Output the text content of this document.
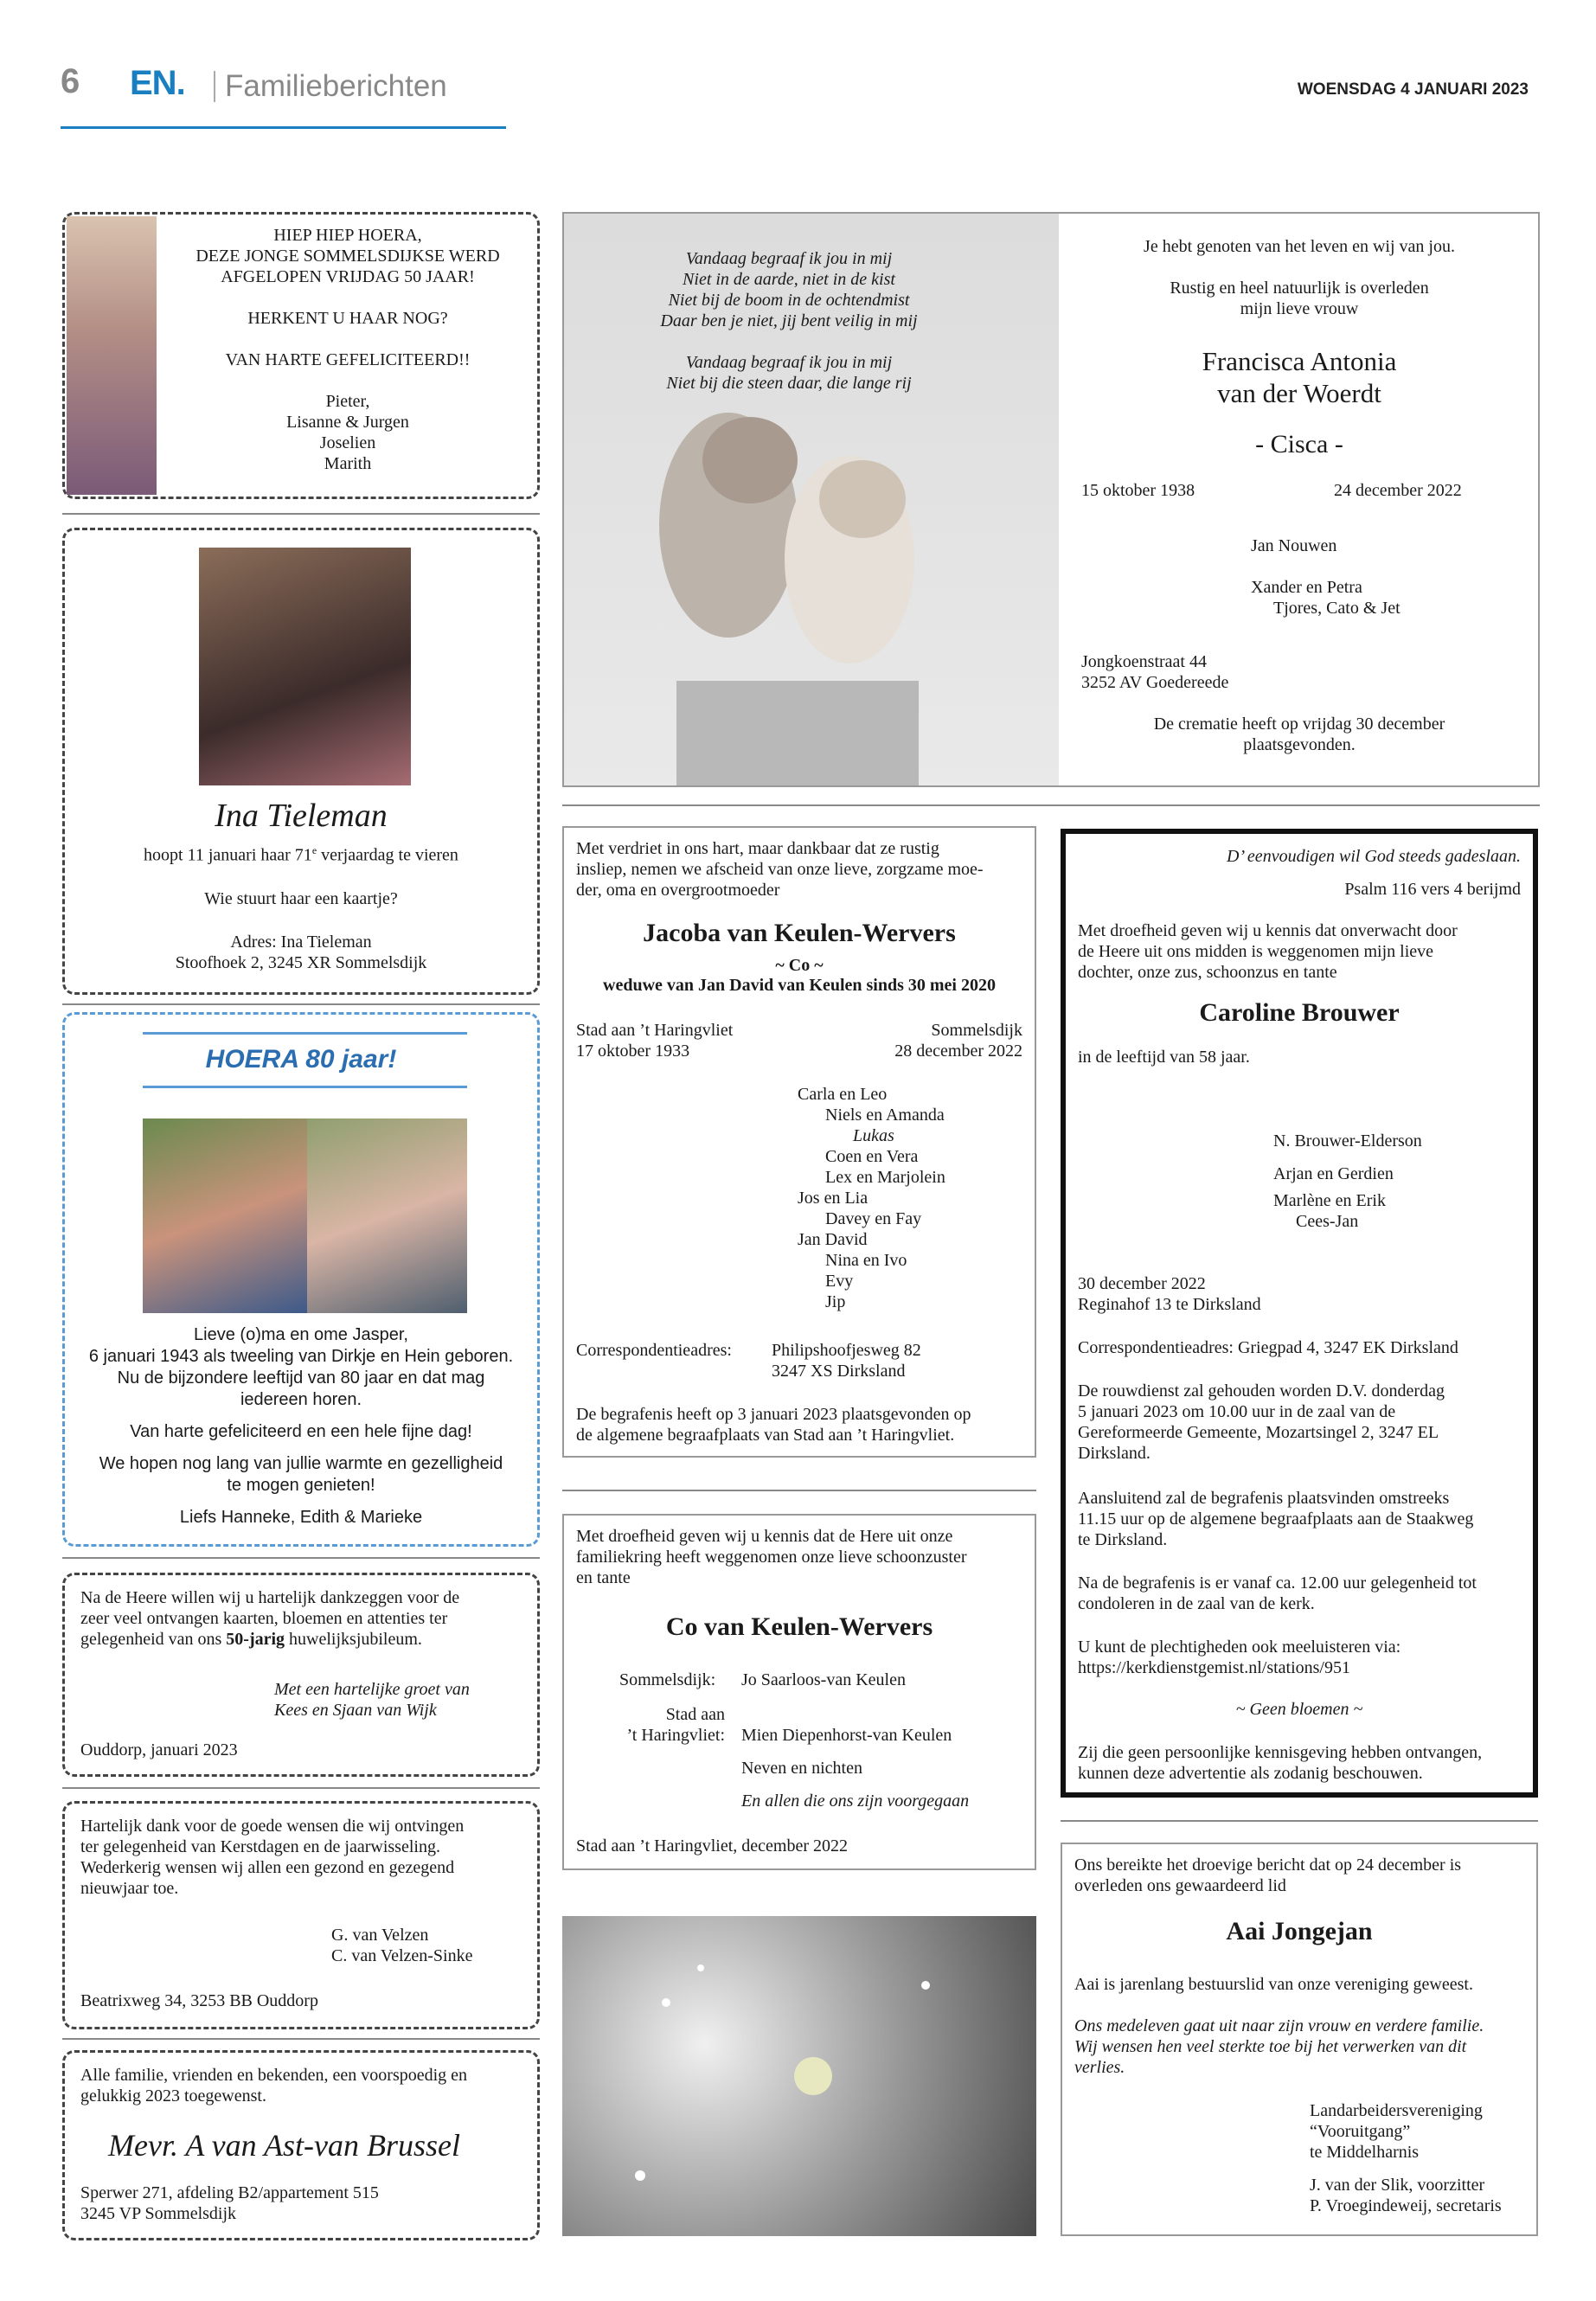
6 EN. Familieberichten	WOENSDAG 4 JANUARI 2023

HIEP HIEP HOERA,

DEZE JONGE SOMMELSDIJKSE WERD

AFGELOPEN VRIJDAG 50 JAAR!

HERKENT U HAAR NOG?

VAN HARTE GEFELICITEERD!!

Pieter,

Lisanne & Jurgen

Joselien

Marith

Ina Tieleman

hoopt 11 januari haar 71e verjaardag te vieren

Wie stuurt haar een kaartje?

Adres: Ina Tieleman

Stoofhoek 2, 3245 XR Sommelsdijk

HOERA 80 jaar!

Lieve (o)ma en ome Jasper,

6 januari 1943 als tweeling van Dirkje en Hein geboren.

Nu de bijzondere leeftijd van 80 jaar en dat mag

iedereen horen.

Van harte gefeliciteerd en een hele fijne dag!

We hopen nog lang van jullie warmte en gezelligheid

te mogen genieten!

Liefs Hanneke, Edith & Marieke

Na de Heere willen wij u hartelijk dankzeggen voor de

zeer veel ontvangen kaarten, bloemen en attenties ter

gelegenheid van ons 50-jarig huwelijksjubileum.

Met een hartelijke groet van

Kees en Sjaan van Wijk

Ouddorp, januari 2023

Hartelijk dank voor de goede wensen die wij ontvingen

ter gelegenheid van Kerstdagen en de jaarwisseling.

Wederkerig wensen wij allen een gezond en gezegend

nieuwjaar toe.

G. van Velzen

C. van Velzen-Sinke

Beatrixweg 34, 3253 BB Ouddorp

Alle familie, vrienden en bekenden, een voorspoedig en

gelukkig 2023 toegewenst.

Mevr. A van Ast-van Brussel

Sperwer 271, afdeling B2/appartement 515

3245 VP Sommelsdijk

Vandaag begraaf ik jou in mij

Niet in de aarde, niet in de kist

Niet bij de boom in de ochtendmist

Daar ben je niet, jij bent veilig in mij

Vandaag begraaf ik jou in mij

Niet bij die steen daar, die lange rij

Je hebt genoten van het leven en wij van jou.

Rustig en heel natuurlijk is overleden

mijn lieve vrouw

Francisca Antonia

van der Woerdt

- Cisca -
15 oktober 1938	24 december 2022
Jan Nouwen
Xander en Petra
Tjores, Cato & Jet

Jongkoenstraat 44

3252 AV Goedereede

De crematie heeft op vrijdag 30 december

plaatsgevonden.

Met verdriet in ons hart, maar dankbaar dat ze rustig

insliep, nemen we afscheid van onze lieve, zorgzame moe-

der, oma en overgrootmoeder

Jacoba van Keulen-Wervers
~ Co ~
weduwe van Jan David van Keulen sinds 30 mei 2020

Stad aan ’t Haringvliet

17 oktober 1933

Sommelsdijk

28 december 2022

Carla en Leo

Niels en Amanda

Lukas

Coen en Vera

Lex en Marjolein

Jos en Lia

Davey en Fay

Jan David

Nina en Ivo

Evy

Jip

Correspondentieadres: Philipshoofjesweg 82

3247 XS Dirksland

De begrafenis heeft op 3 januari 2023 plaatsgevonden op

de algemene begraafplaats van Stad aan ’t Haringvliet.

Met droefheid geven wij u kennis dat de Here uit onze

familiekring heeft weggenomen onze lieve schoonzuster

en tante

Co van Keulen-Wervers
Sommelsdijk: Jo Saarloos-van Keulen

Stad aan

’t Haringvliet: Mien Diepenhorst-van Keulen
Neven en nichten
En allen die ons zijn voorgegaan
Stad aan ’t Haringvliet, december 2022
D’ eenvoudigen wil God steeds gadeslaan.
Psalm 116 vers 4 berijmd

Met droefheid geven wij u kennis dat onverwacht door

de Heere uit ons midden is weggenomen mijn lieve

dochter, onze zus, schoonzus en tante

Caroline Brouwer
in de leeftijd van 58 jaar.

N. Brouwer-Elderson

Arjan en Gerdien

Marlène en Erik

Cees-Jan

30 december 2022

Reginahof 13 te Dirksland

Correspondentieadres: Griegpad 4, 3247 EK Dirksland

De rouwdienst zal gehouden worden D.V. donderdag

5 januari 2023 om 10.00 uur in de zaal van de

Gereformeerde Gemeente, Mozartsingel 2, 3247 EL

Dirksland.

Aansluitend zal de begrafenis plaatsvinden omstreeks

11.15 uur op de algemene begraafplaats aan de Staakweg

te Dirksland.

Na de begrafenis is er vanaf ca. 12.00 uur gelegenheid tot

condoleren in de zaal van de kerk.

U kunt de plechtigheden ook meeluisteren via:

https://kerkdienstgemist.nl/stations/951

~ Geen bloemen ~

Zij die geen persoonlijke kennisgeving hebben ontvangen,

kunnen deze advertentie als zodanig beschouwen.

Ons bereikte het droevige bericht dat op 24 december is

overleden ons gewaardeerd lid

Aai Jongejan
Aai is jarenlang bestuurslid van onze vereniging geweest.

Ons medeleven gaat uit naar zijn vrouw en verdere familie.

Wij wensen hen veel sterkte toe bij het verwerken van dit

verlies.

Landarbeidersvereniging

“Vooruitgang”

te Middelharnis

J. van der Slik, voorzitter

P. Vroegindeweij, secretaris
